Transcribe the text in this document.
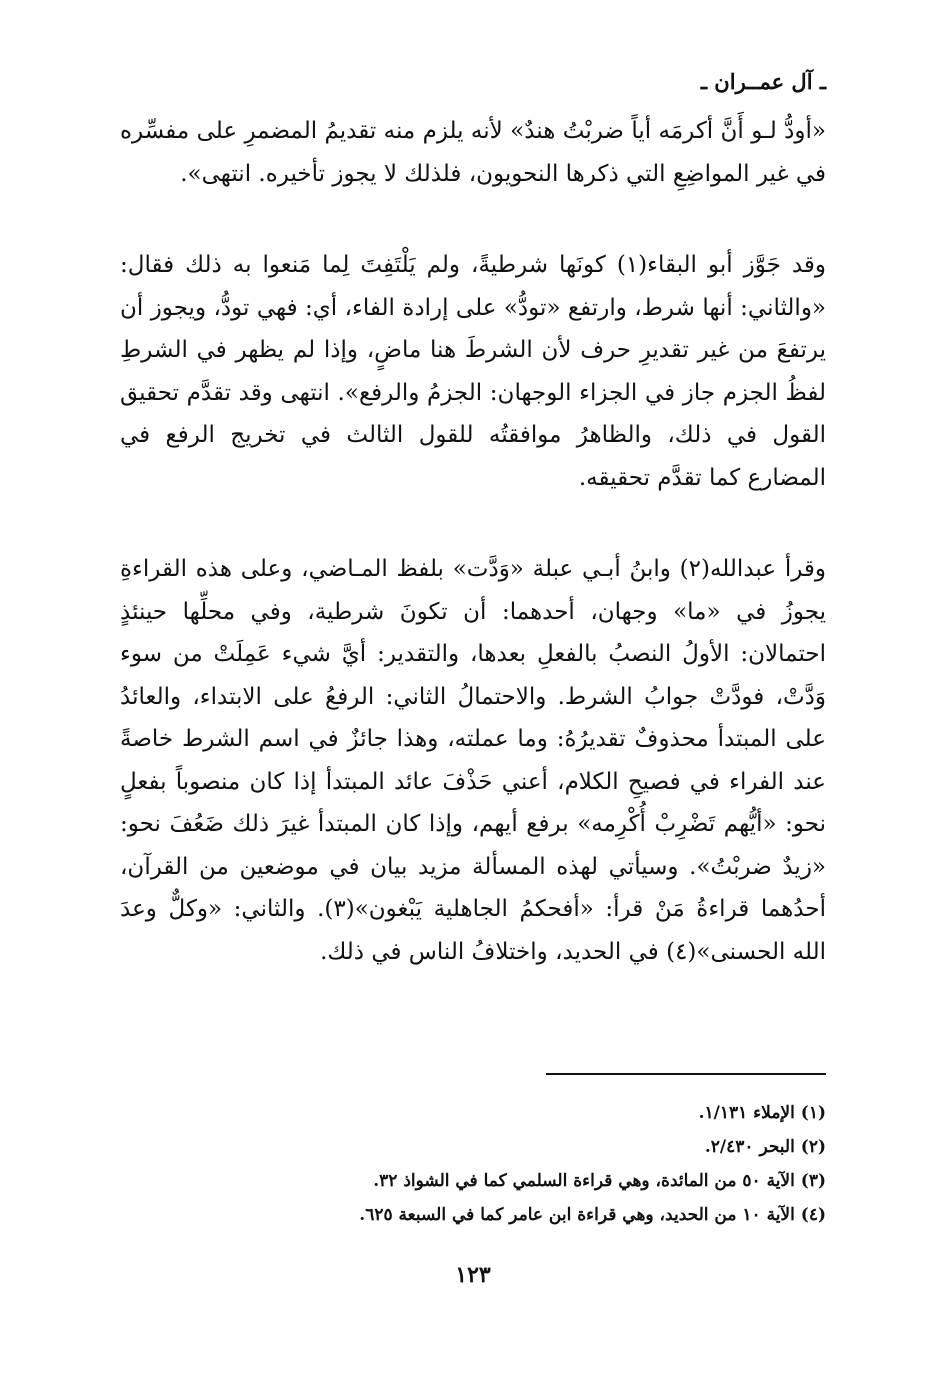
ـ آل عمــران ـ

«أودُّ لـو أَنَّ أكرمَه أياً ضربْتُ هندٌ» لأنه يلزم منه تقديمُ المضمرِ على مفسِّره في غير المواضِعِ التي ذكرها النحويون، فلذلك لا يجوز تأخيره. انتهى».

وقد جَوَّز أبو البقاء(١) كونَها شرطيةً، ولم يَلْتَفِتَ لِما مَنعوا به ذلك فقال: «والثاني: أنها شرط، وارتفع «تودُّ» على إرادة الفاء، أي: فهي تودُّ، ويجوز أن يرتفعَ من غير تقديرِ حرف لأن الشرطَ هنا ماضٍ، وإذا لم يظهر في الشرطِ لفظُ الجزم جاز في الجزاء الوجهان: الجزمُ والرفع». انتهى وقد تقدَّم تحقيق القول في ذلك، والظاهرُ موافقتُه للقول الثالث في تخريج الرفع في المضارع كما تقدَّم تحقيقه.

وقرأ عبدالله(٢) وابنُ أبـي عبلة «وَدَّت» بلفظ المـاضي، وعلى هذه القراءةِ يجوزُ في «ما» وجهان، أحدهما: أن تكونَ شرطية، وفي محلِّها حينئذٍ احتمالان: الأولُ النصبُ بالفعلِ بعدها، والتقدير: أيَّ شيء عَمِلَتْ من سوء وَدَّتْ، فودَّتْ جوابُ الشرط. والاحتمالُ الثاني: الرفعُ على الابتداء، والعائدُ على المبتدأ محذوفٌ تقديرُهُ: وما عملته، وهذا جائزٌ في اسم الشرط خاصةً عند الفراء في فصيحِ الكلام، أعني حَذْفَ عائد المبتدأ إذا كان منصوباً بفعلٍ نحو: «أيُّهم تَضْرِبْ أُكْرِمه» برفع أيهم، وإذا كان المبتدأ غيرَ ذلك ضَعُفَ نحو: «زيدٌ ضربْتُ». وسيأتي لهذه المسألة مزيد بيان في موضعين من القرآن، أحدُهما قراءةُ مَنْ قرأ: «أفحكمُ الجاهلية يَبْغون»(٣). والثاني: «وكلٌّ وعدَ الله الحسنى»(٤) في الحديد، واختلافُ الناس في ذلك.

(١) الإملاء ١/١٣١.
(٢) البحر ٢/٤٣٠.
(٣) الآية ٥٠ من المائدة، وهي قراءة السلمي كما في الشواذ ٣٢.
(٤) الآية ١٠ من الحديد، وهي قراءة ابن عامر كما في السبعة ٦٢٥.
١٢٣
